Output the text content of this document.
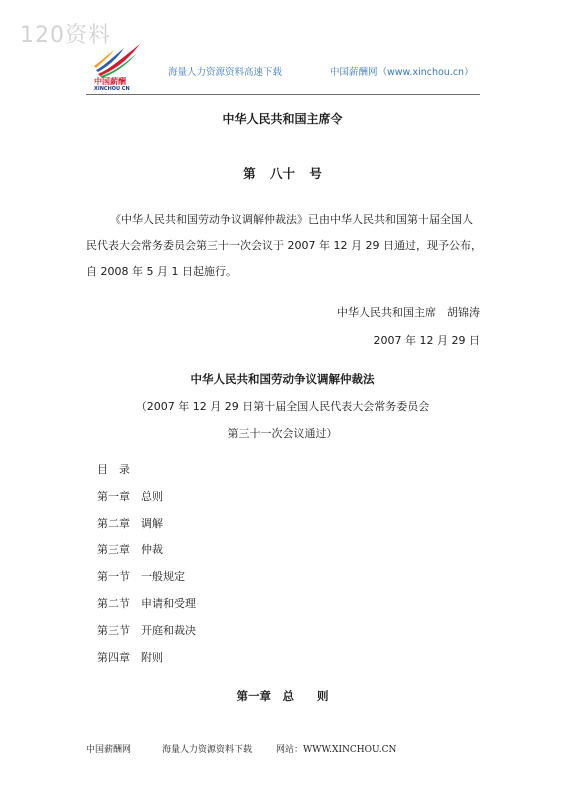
120资料
中国薪酬
XINCHOU CN
海量人力资源资料高速下载	中国薪酬网（www.xinchou.cn）
中华人民共和国主席令
第 八十 号
《中华人民共和国劳动争议调解仲裁法》已由中华人民共和国第十届全国人民代表大会常务委员会第三十一次会议于 2007 年 12 月 29 日通过，现予公布，自 2008 年 5 月 1 日起施行。
中华人民共和国主席　胡锦涛
2007 年 12 月 29 日
中华人民共和国劳动争议调解仲裁法
（2007 年 12 月 29 日第十届全国人民代表大会常务委员会
第三十一次会议通过）
目　录
第一章　总则
第二章　调解
第三章　仲裁
第一节　一般规定
第二节　申请和受理
第三节　开庭和裁决
第四章　附则
第一章　总　　则
中国薪酬网	海量人力资源资料下载	网站：WWW.XINCHOU.CN
